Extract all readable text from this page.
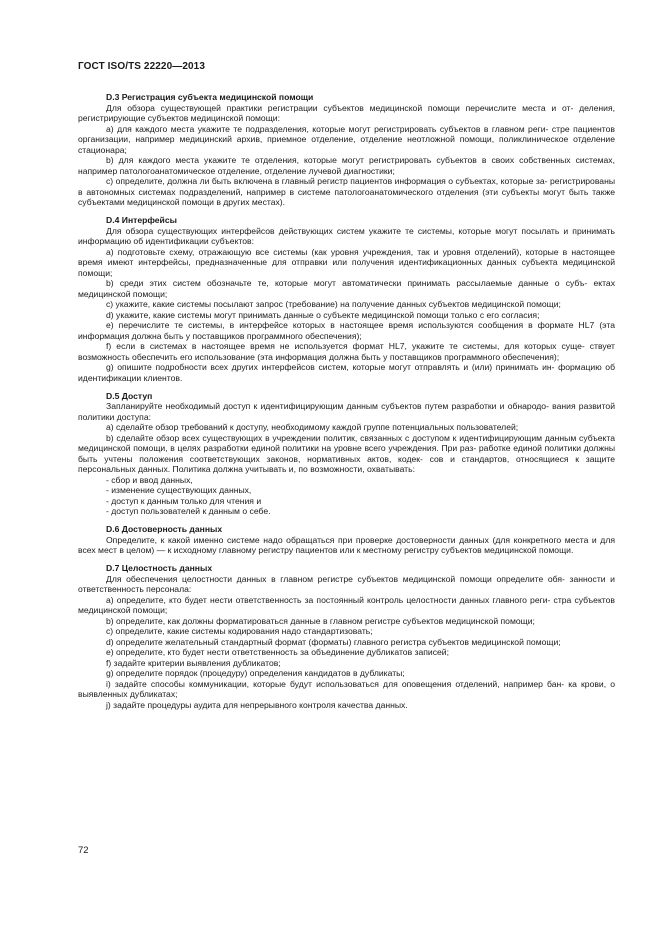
ГОСТ ISO/TS 22220—2013

D.3 Регистрация субъекта медицинской помощи

Для обзора существующей практики регистрации субъектов медицинской помощи перечислите места и от- деления, регистрирующие субъектов медицинской помощи:

a) для каждого места укажите те подразделения, которые могут регистрировать субъектов в главном реги- стре пациентов организации, например медицинский архив, приемное отделение, отделение неотложной помощи, поликлиническое отделение стационара;

b) для каждого места укажите те отделения, которые могут регистрировать субъектов в своих собственных системах, например патологоанатомическое отделение, отделение лучевой диагностики;

c) определите, должна ли быть включена в главный регистр пациентов информация о субъектах, которые за- регистрированы в автономных системах подразделений, например в системе патологоанатомического отделения (эти субъекты могут быть также субъектами медицинской помощи в других местах).

D.4 Интерфейсы

Для обзора существующих интерфейсов действующих систем укажите те системы, которые могут посылать и принимать информацию об идентификации субъектов:

a) подготовьте схему, отражающую все системы (как уровня учреждения, так и уровня отделений), которые в настоящее время имеют интерфейсы, предназначенные для отправки или получения идентификационных данных субъекта медицинской помощи;

b) среди этих систем обозначьте те, которые могут автоматически принимать рассылаемые данные о субъ- ектах медицинской помощи;

c) укажите, какие системы посылают запрос (требование) на получение данных субъектов медицинской помощи;

d) укажите, какие системы могут принимать данные о субъекте медицинской помощи только с его согласия;

e) перечислите те системы, в интерфейсе которых в настоящее время используются сообщения в формате HL7 (эта информация должна быть у поставщиков программного обеспечения);

f) если в системах в настоящее время не используется формат HL7, укажите те системы, для которых суще- ствует возможность обеспечить его использование (эта информация должна быть у поставщиков программного обеспечения);

g) опишите подробности всех других интерфейсов систем, которые могут отправлять и (или) принимать ин- формацию об идентификации клиентов.

D.5 Доступ

Запланируйте необходимый доступ к идентифицирующим данным субъектов путем разработки и обнародо- вания развитой политики доступа:

a) сделайте обзор требований к доступу, необходимому каждой группе потенциальных пользователей;

b) сделайте обзор всех существующих в учреждении политик, связанных с доступом к идентифицирующим данным субъекта медицинской помощи, в целях разработки единой политики на уровне всего учреждения. При раз- работке единой политики должны быть учтены положения соответствующих законов, нормативных актов, кодек- сов и стандартов, относящиеся к защите персональных данных. Политика должна учитывать и, по возможности, охватывать:

- сбор и ввод данных,

- изменение существующих данных,

- доступ к данным только для чтения и

- доступ пользователей к данным о себе.

D.6 Достоверность данных

Определите, к какой именно системе надо обращаться при проверке достоверности данных (для конкретного места и для всех мест в целом) — к исходному главному регистру пациентов или к местному регистру субъектов медицинской помощи.

D.7 Целостность данных

Для обеспечения целостности данных в главном регистре субъектов медицинской помощи определите обя- занности и ответственность персонала:

a) определите, кто будет нести ответственность за постоянный контроль целостности данных главного реги- стра субъектов медицинской помощи;

b) определите, как должны форматироваться данные в главном регистре субъектов медицинской помощи;

c) определите, какие системы кодирования надо стандартизовать;

d) определите желательный стандартный формат (форматы) главного регистра субъектов медицинской помощи;

e) определите, кто будет нести ответственность за объединение дубликатов записей;

f) задайте критерии выявления дубликатов;

g) определите порядок (процедуру) определения кандидатов в дубликаты;

i) задайте способы коммуникации, которые будут использоваться для оповещения отделений, например бан- ка крови, о выявленных дубликатах;

j) задайте процедуры аудита для непрерывного контроля качества данных.

72
